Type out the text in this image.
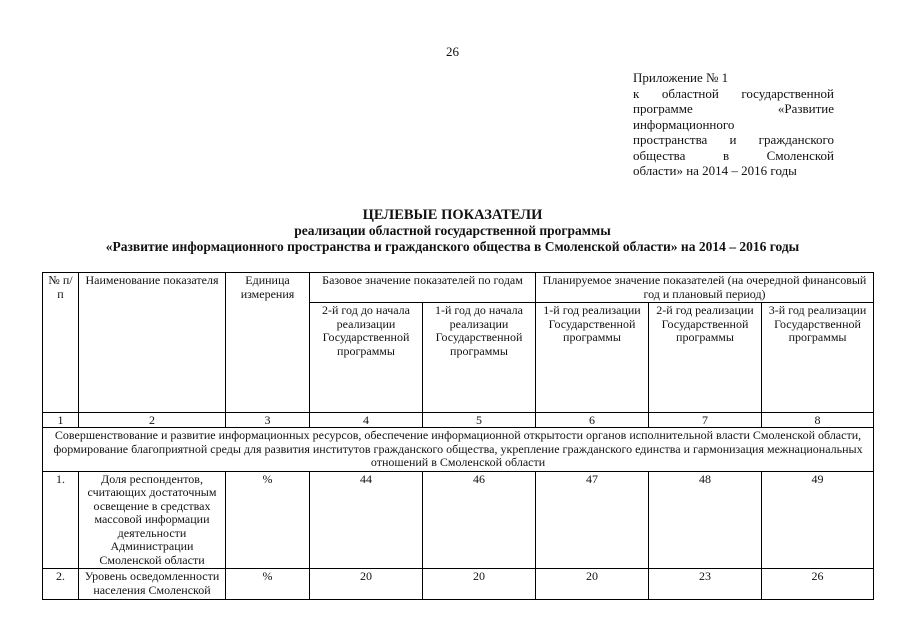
26
Приложение № 1
к областной государственной
программе «Развитие
информационного
пространства и гражданского
общества в Смоленской
области» на 2014 – 2016 годы
ЦЕЛЕВЫЕ ПОКАЗАТЕЛИ
реализации областной государственной программы
«Развитие информационного пространства и гражданского общества в Смоленской области» на 2014 – 2016 годы
№ п/п	Наименование показателя	Единица измерения	Базовое значение показателей по годам		Планируемое значение показателей (на очередной финансовый год и плановый период)		
			2-й год до начала реализации Государственной программы	1-й год до начала реализации Государственной программы	1-й год реализации Государственной программы	2-й год реализации Государственной программы	3-й год реализации Государственной программы
1	2	3	4	5	6	7	8
Совершенствование и развитие информационных ресурсов, обеспечение информационной открытости органов исполнительной власти Смоленской области, формирование благоприятной среды для развития институтов гражданского общества, укрепление гражданского единства и гармонизация межнациональных отношений в Смоленской области							
1.	Доля респондентов, считающих достаточным освещение в средствах массовой информации деятельности Администрации Смоленской области	%	44	46	47	48	49
2.	Уровень осведомленности населения Смоленской	%	20	20	20	23	26
